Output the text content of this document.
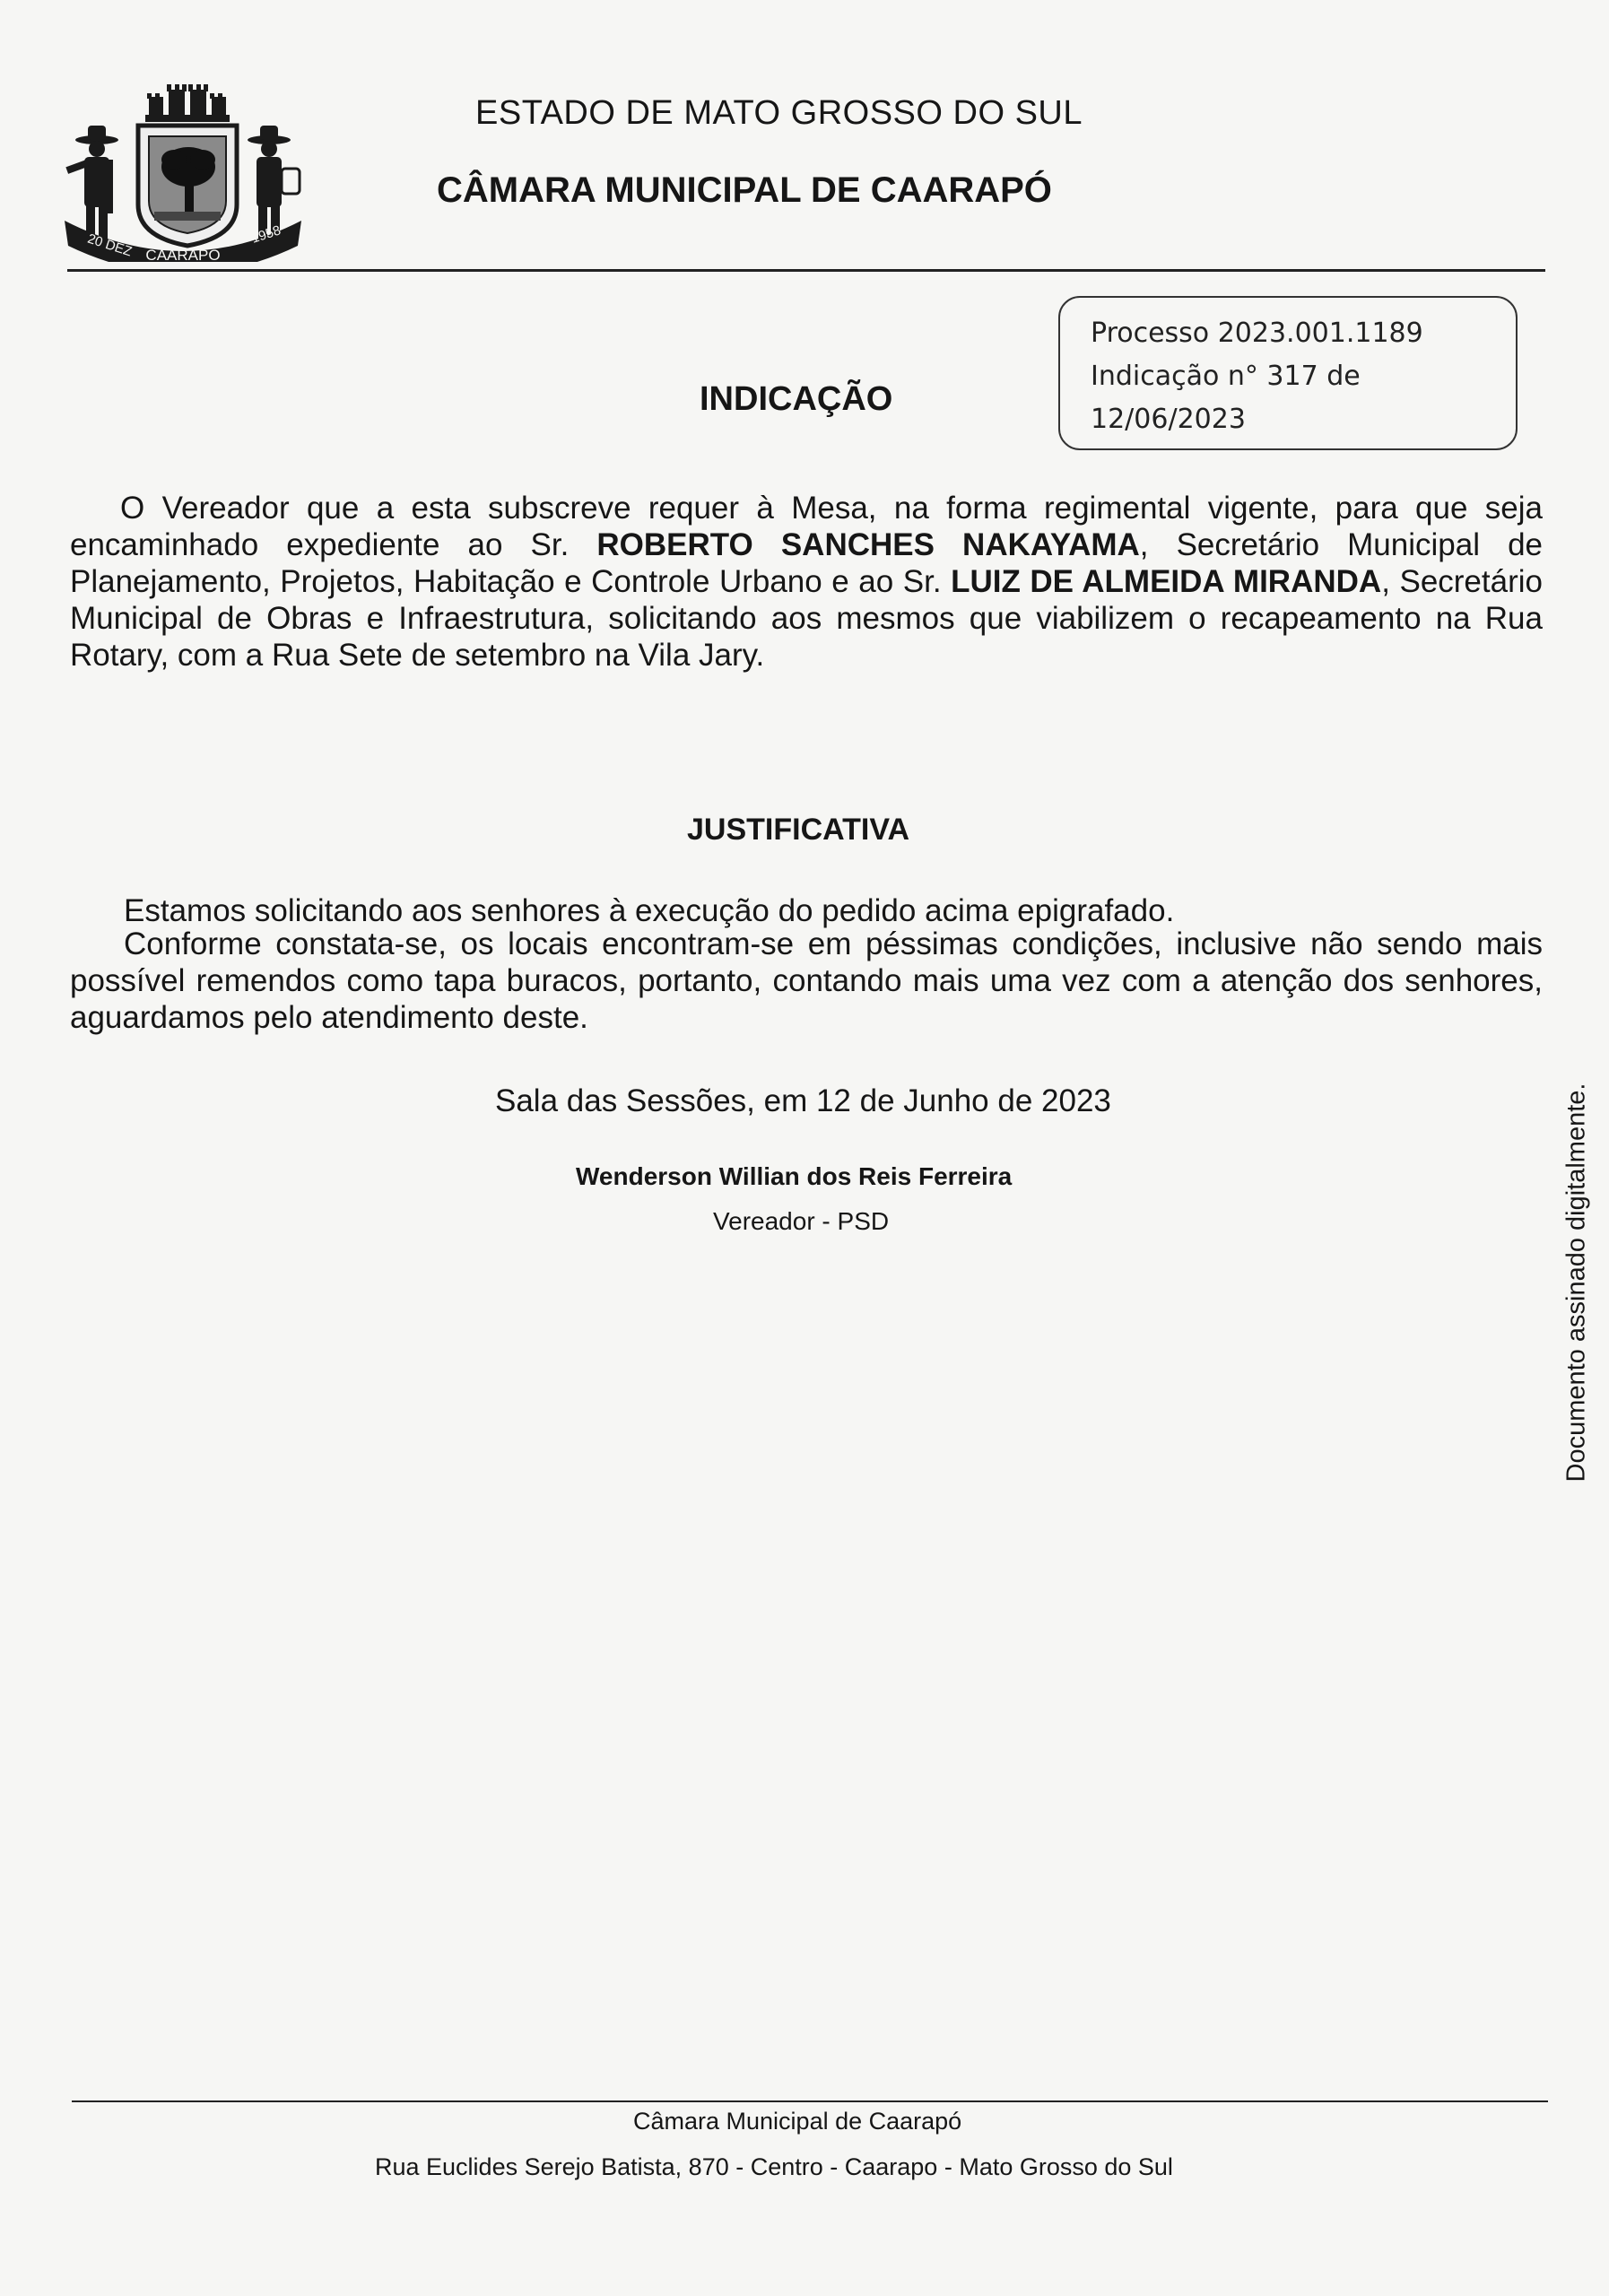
20 DEZ CAARAPÓ
1958
ESTADO DE MATO GROSSO DO SUL
CÂMARA MUNICIPAL DE CAARAPÓ
Processo 2023.001.1189
Indicação n° 317 de
12/06/2023
INDICAÇÃO
O Vereador que a esta subscreve requer à Mesa, na forma regimental vigente, para que seja encaminhado expediente ao Sr. ROBERTO SANCHES NAKAYAMA, Secretário Municipal de Planejamento, Projetos, Habitação e Controle Urbano e ao Sr. LUIZ DE ALMEIDA MIRANDA, Secretário Municipal de Obras e Infraestrutura, solicitando aos mesmos que viabilizem o recapeamento na Rua Rotary, com a Rua Sete de setembro na Vila Jary.
JUSTIFICATIVA
Estamos solicitando aos senhores à execução do pedido acima epigrafado.
Conforme constata-se, os locais encontram-se em péssimas condições, inclusive não sendo mais possível remendos como tapa buracos, portanto, contando mais uma vez com a atenção dos senhores, aguardamos pelo atendimento deste.
Sala das Sessões, em 12 de Junho de 2023
Wenderson Willian dos Reis Ferreira
Vereador - PSD	Documento assinado digitalmente.
Câmara Municipal de Caarapó
Rua Euclides Serejo Batista, 870 - Centro - Caarapo - Mato Grosso do Sul
